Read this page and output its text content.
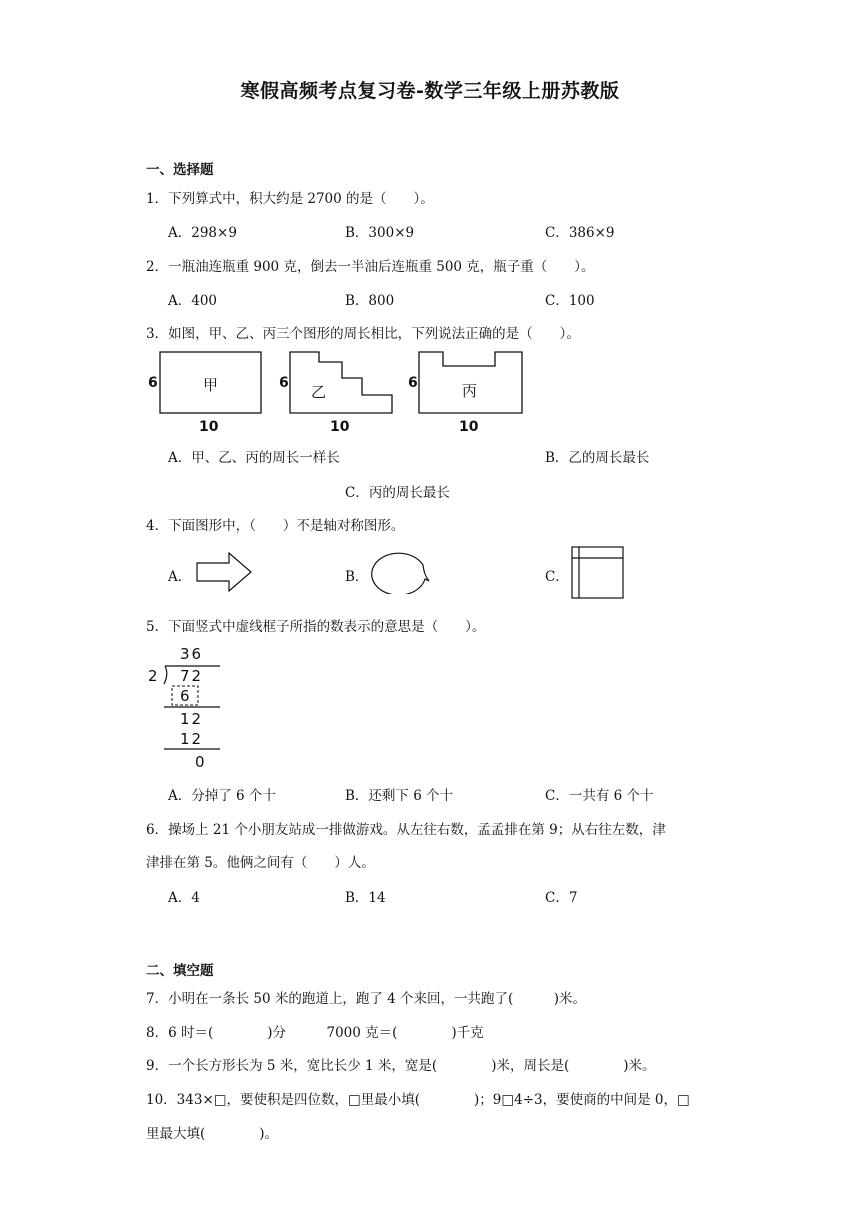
寒假高频考点复习卷-数学三年级上册苏教版
一、选择题
1．下列算式中，积大约是 2700 的是（　　）。
A．298×9	B．300×9	C．386×9
2．一瓶油连瓶重 900 克，倒去一半油后连瓶重 500 克，瓶子重（　　）。
A．400	B．800	C．100
3．如图，甲、乙、丙三个图形的周长相比，下列说法正确的是（　　）。
6
10
6
10
6
10
甲	乙	丙
A．甲、乙、丙的周长一样长	B．乙的周长最长
C．丙的周长最长
4．下面图形中，（　　）不是轴对称图形。
A．	B．	C．
5．下面竖式中虚线框子所指的数表示的意思是（　　）。
36
2 72
6
12
12
0
A．分掉了 6 个十	B．还剩下 6 个十	C．一共有 6 个十
6．操场上 21 个小朋友站成一排做游戏。从左往右数，孟孟排在第 9；从右往左数，津
津排在第 5。他俩之间有（　　）人。
A．4	B．14	C．7
二、填空题
7．小明在一条长 50 米的跑道上，跑了 4 个来回，一共跑了(　　　)米。
8．6 时＝(　　　　)分　　　7000 克＝(　　　　)千克
9．一个长方形长为 5 米，宽比长少 1 米，宽是(　　　　)米，周长是(　　　　)米。
10．343×□，要使积是四位数，□里最小填(　　　　)；9□4÷3，要使商的中间是 0，□
里最大填(　　　　)。
